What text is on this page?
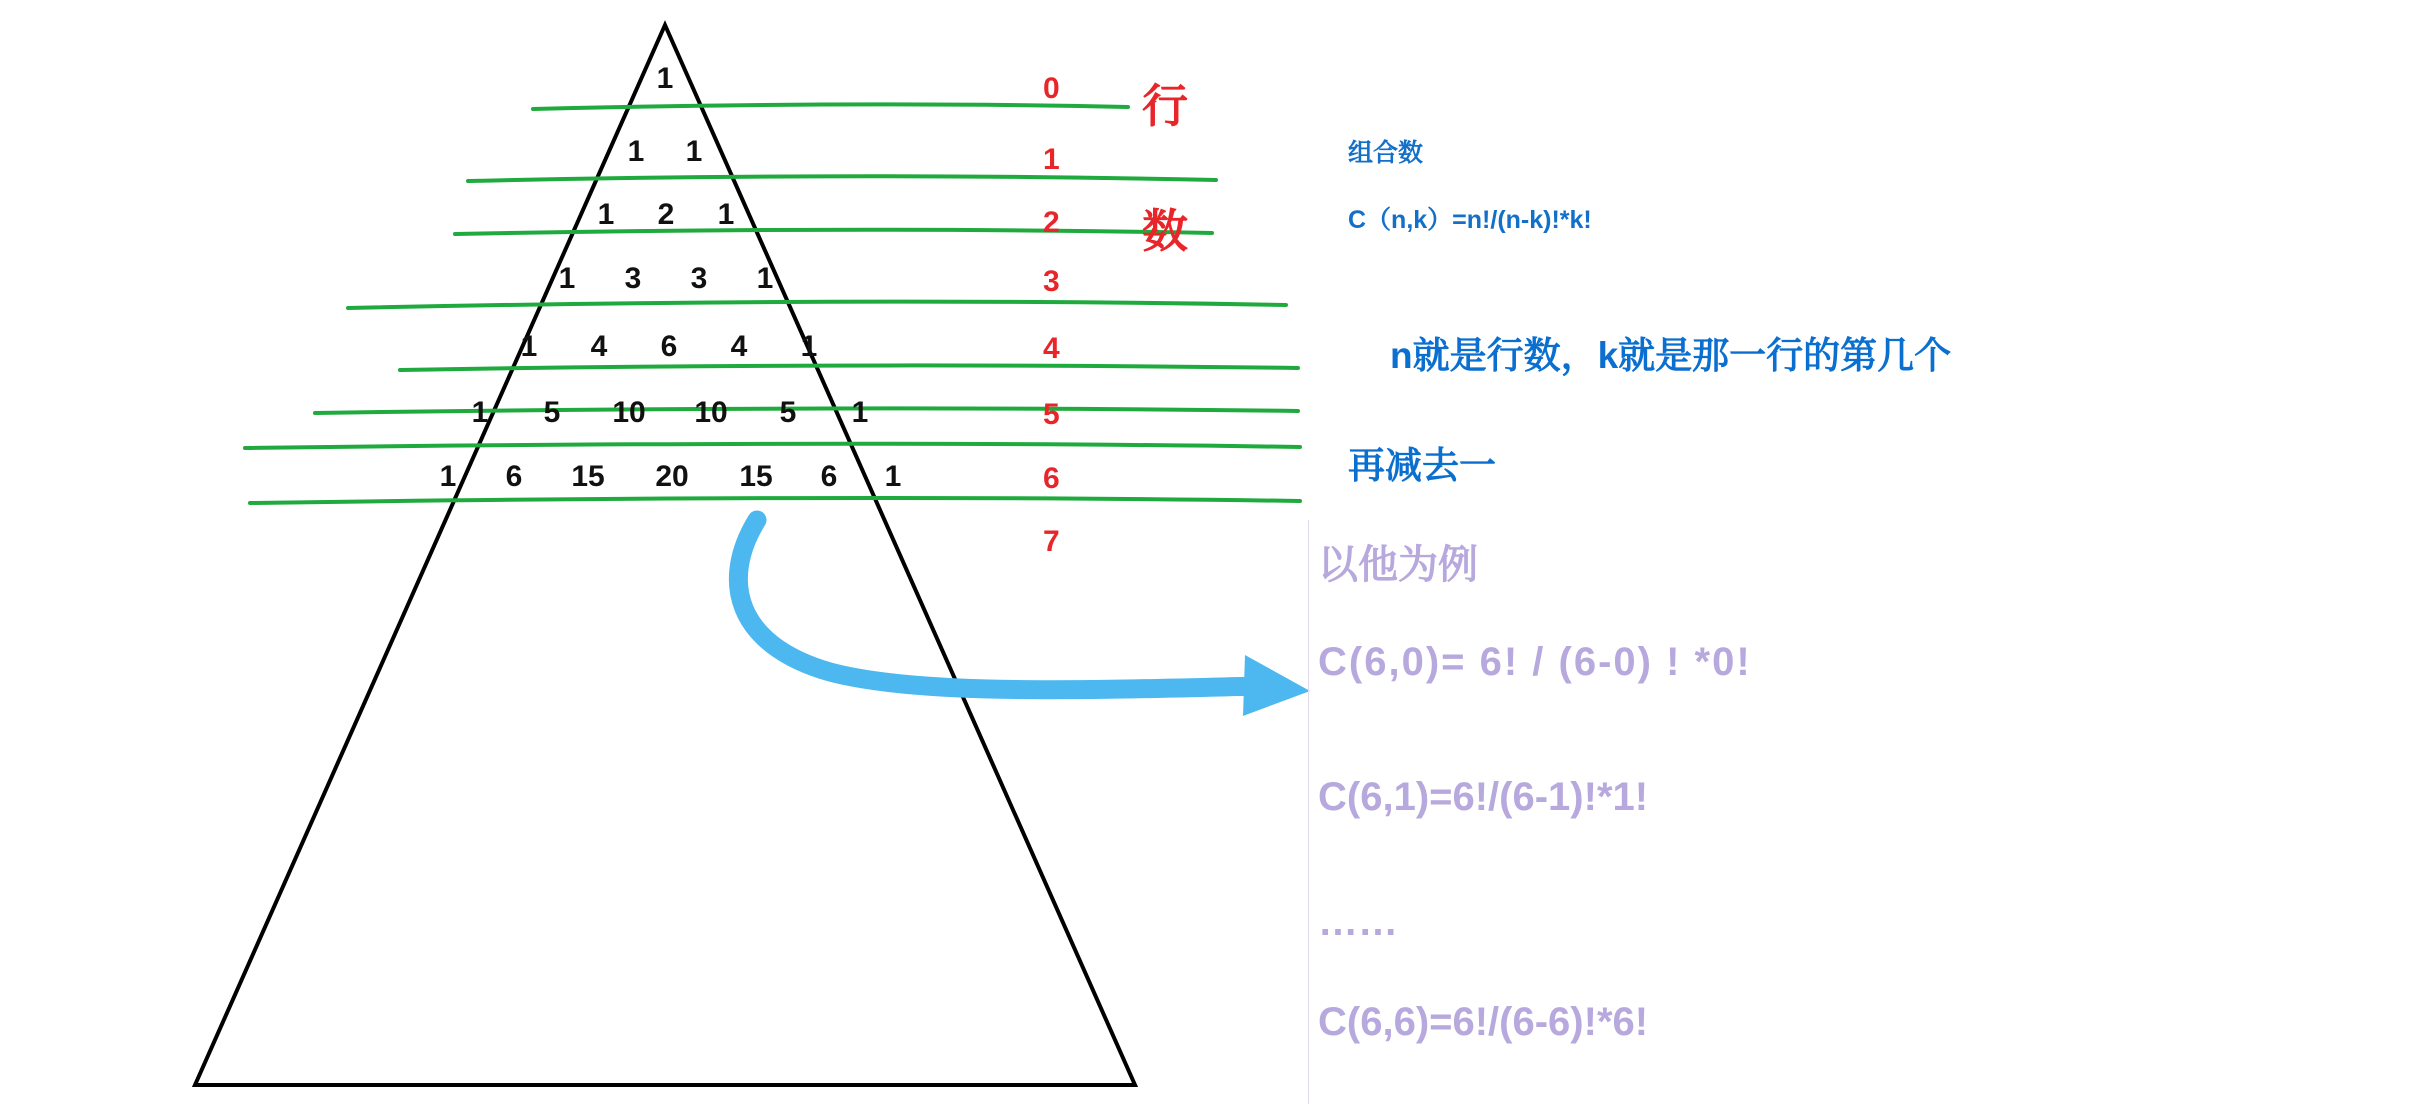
1
1	1
1	2	1
1	3	3	1
1	4	6	4	1
1	5	10	10	5	1
1	6	15	20	15	6	1
0
1
2
3
4
5
6
7
行
数
组合数
C（n,k）=n!/(n-k)!*k!
n就是行数，k就是那一行的第几个
再减去一
以他为例
C(6,0)= 6! / (6-0) ! *0!
C(6,1)=6!/(6-1)!*1!
……
C(6,6)=6!/(6-6)!*6!
